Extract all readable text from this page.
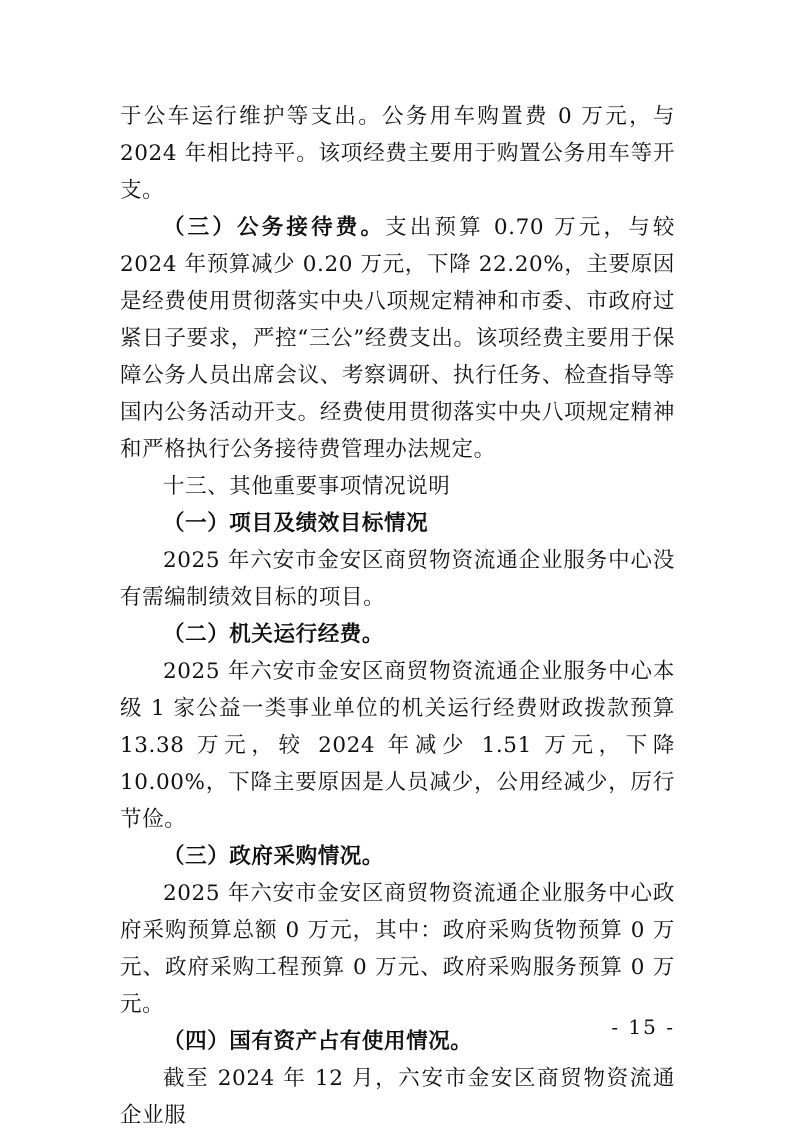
于公车运行维护等支出。公务用车购置费 0 万元，与 2024 年相比持平。该项经费主要用于购置公务用车等开支。

（三）公务接待费。支出预算 0.70 万元，与较 2024 年预算减少 0.20 万元，下降 22.20%，主要原因是经费使用贯彻落实中央八项规定精神和市委、市政府过紧日子要求，严控“三公”经费支出。该项经费主要用于保障公务人员出席会议、考察调研、执行任务、检查指导等国内公务活动开支。经费使用贯彻落实中央八项规定精神和严格执行公务接待费管理办法规定。

十三、其他重要事项情况说明

（一）项目及绩效目标情况

2025 年六安市金安区商贸物资流通企业服务中心没有需编制绩效目标的项目。

（二）机关运行经费。

2025 年六安市金安区商贸物资流通企业服务中心本级 1 家公益一类事业单位的机关运行经费财政拨款预算 13.38 万元，较 2024 年减少 1.51 万元，下降 10.00%，下降主要原因是人员减少，公用经减少，厉行节俭。

（三）政府采购情况。

2025 年六安市金安区商贸物资流通企业服务中心政府采购预算总额 0 万元，其中：政府采购货物预算 0 万元、政府采购工程预算 0 万元、政府采购服务预算 0 万元。

（四）国有资产占有使用情况。

截至 2024 年 12 月，六安市金安区商贸物资流通企业服

- 15 -
